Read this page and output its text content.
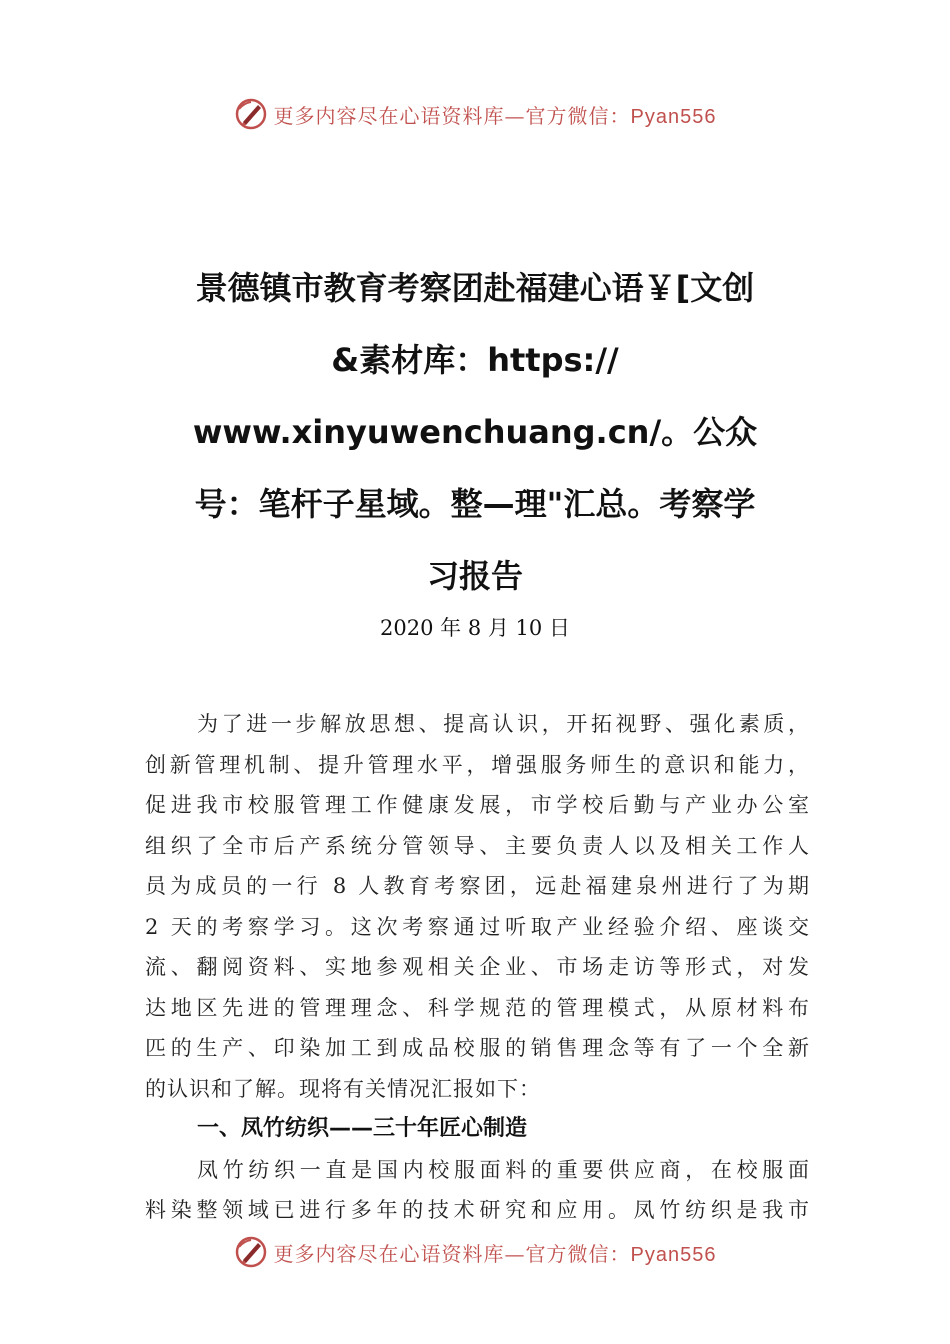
更多内容尽在心语资料库—官方微信：Pyan556
景德镇市教育考察团赴福建心语￥[文创
&素材库：https://
www.xinyuwenchuang.cn/。公众
号：笔杆子星域。整—理"汇总。考察学
习报告
2020 年 8 月 10 日
为了进一步解放思想、提高认识，开拓视野、强化素质，
创新管理机制、提升管理水平，增强服务师生的意识和能力，
促进我市校服管理工作健康发展，市学校后勤与产业办公室
组织了全市后产系统分管领导、主要负责人以及相关工作人
员为成员的一行 8 人教育考察团，远赴福建泉州进行了为期
2 天的考察学习。这次考察通过听取产业经验介绍、座谈交
流、翻阅资料、实地参观相关企业、市场走访等形式，对发
达地区先进的管理理念、科学规范的管理模式，从原材料布
匹的生产、印染加工到成品校服的销售理念等有了一个全新
的认识和了解。现将有关情况汇报如下：
一、凤竹纺织——三十年匠心制造
凤竹纺织一直是国内校服面料的重要供应商，在校服面
料染整领域已进行多年的技术研究和应用。凤竹纺织是我市
更多内容尽在心语资料库—官方微信：Pyan556
